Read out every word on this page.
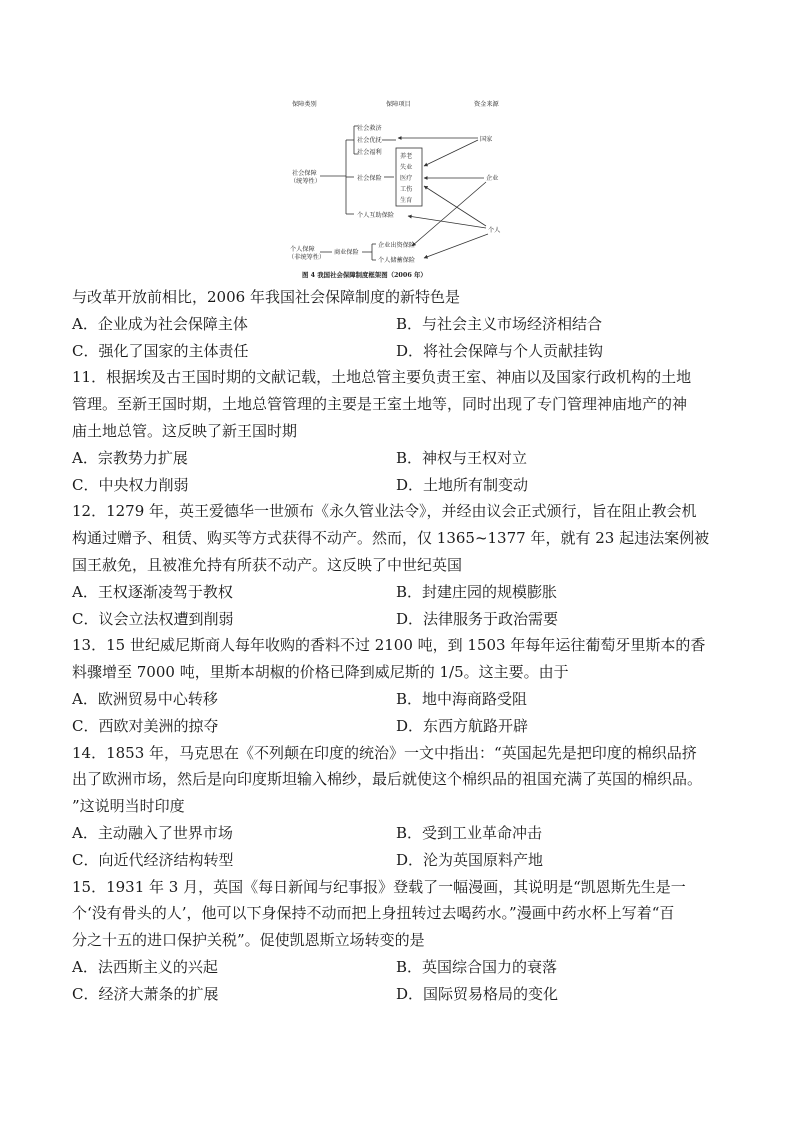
保障类别	保障项目	资金来源
社会保障
（统筹性）
社会救济
社会优抚
社会福利
社会保险
养老
失业
医疗
工伤
生育
个人互助保险
个人保障
（非统筹性）
商业保险
企业出资保险
个人储蓄保险
国家
企业
个人
图 4 我国社会保障制度框架图（2006 年）
与改革开放前相比，2006 年我国社会保障制度的新特色是
A．企业成为社会保障主体	B．与社会主义市场经济相结合
C．强化了国家的主体责任	D．将社会保障与个人贡献挂钩
11．根据埃及古王国时期的文献记载，土地总管主要负责王室、神庙以及国家行政机构的土地
管理。至新王国时期，土地总管管理的主要是王室土地等，同时出现了专门管理神庙地产的神
庙土地总管。这反映了新王国时期
A．宗教势力扩展	B．神权与王权对立
C．中央权力削弱	D．土地所有制变动
12．1279 年，英王爱德华一世颁布《永久管业法令》，并经由议会正式颁行，旨在阻止教会机
构通过赠予、租赁、购买等方式获得不动产。然而，仅 1365~1377 年，就有 23 起违法案例被
国王赦免，且被准允持有所获不动产。这反映了中世纪英国
A．王权逐渐凌驾于教权	B．封建庄园的规模膨胀
C．议会立法权遭到削弱	D．法律服务于政治需要
13．15 世纪威尼斯商人每年收购的香料不过 2100 吨，到 1503 年每年运往葡萄牙里斯本的香
料骤增至 7000 吨，里斯本胡椒的价格已降到威尼斯的 1/5。这主要。由于
A．欧洲贸易中心转移	B．地中海商路受阻
C．西欧对美洲的掠夺	D．东西方航路开辟
14．1853 年，马克思在《不列颠在印度的统治》一文中指出：“英国起先是把印度的棉织品挤
出了欧洲市场，然后是向印度斯坦输入棉纱，最后就使这个棉织品的祖国充满了英国的棉织品。
”这说明当时印度
A．主动融入了世界市场	B．受到工业革命冲击
C．向近代经济结构转型	D．沦为英国原料产地
15．1931 年 3 月，英国《每日新闻与纪事报》登载了一幅漫画，其说明是“凯恩斯先生是一
个‘没有骨头的人’，他可以下身保持不动而把上身扭转过去喝药水。”漫画中药水杯上写着“百
分之十五的进口保护关税”。促使凯恩斯立场转变的是
A．法西斯主义的兴起	B．英国综合国力的衰落
C．经济大萧条的扩展	D．国际贸易格局的变化
